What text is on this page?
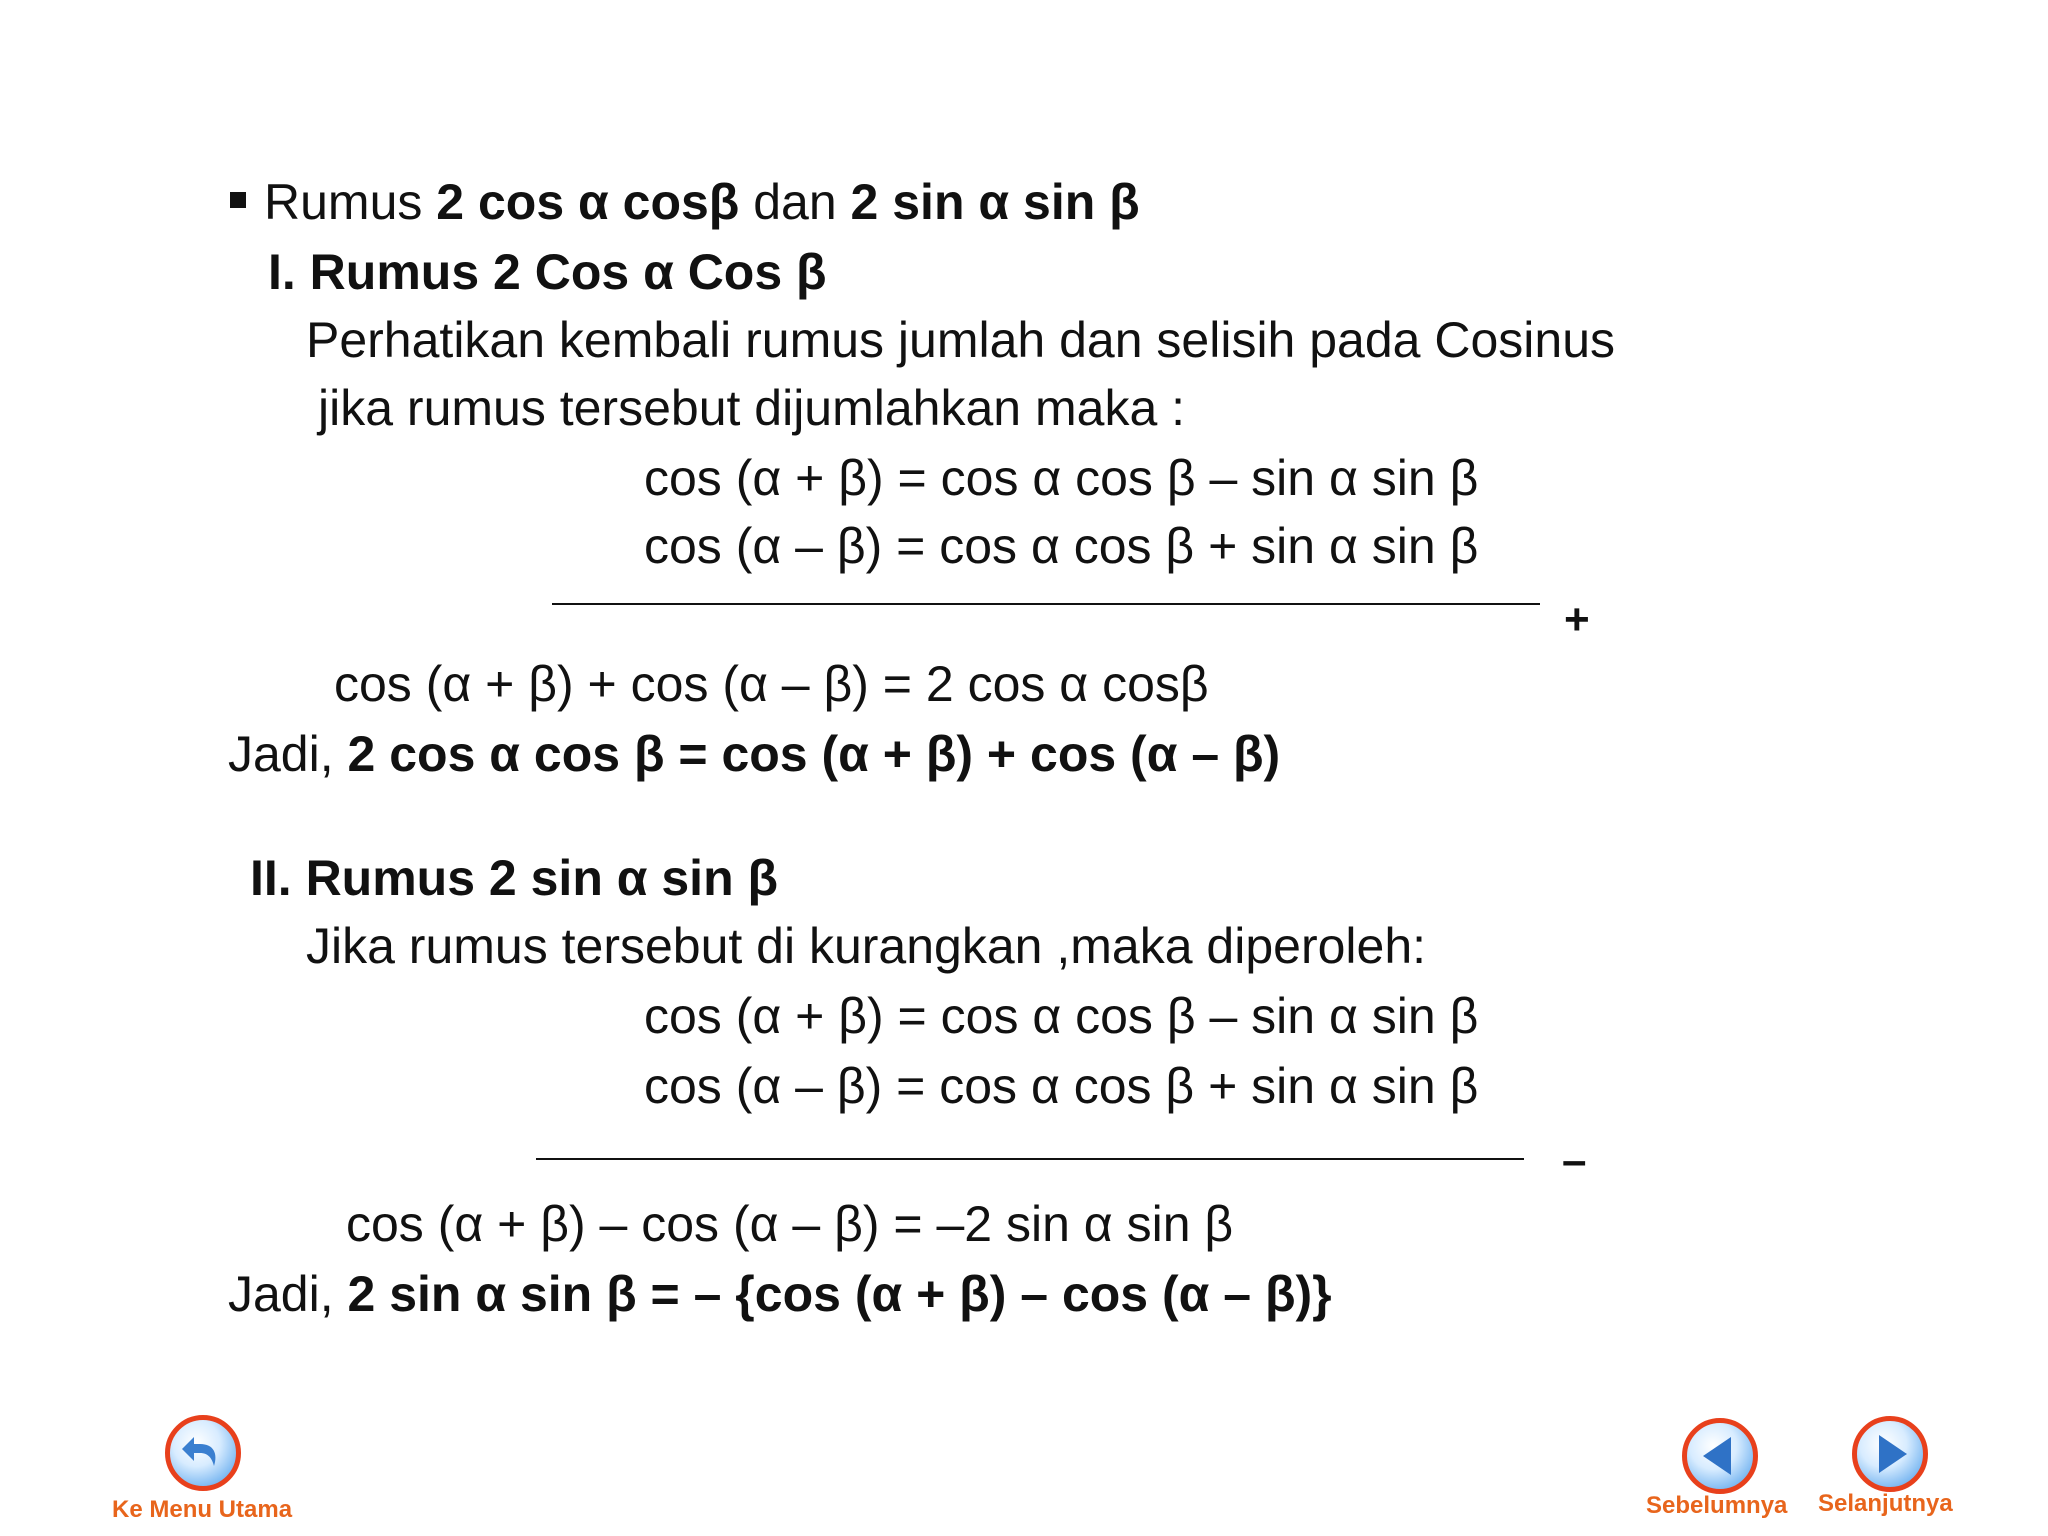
Rumus 2 cos α cosβ dan 2 sin α sin β
I. Rumus 2 Cos α Cos β
Perhatikan kembali rumus jumlah dan selisih pada Cosinus
jika rumus tersebut dijumlahkan maka :
cos (α + β) = cos α cos β – sin α sin β
cos (α – β) = cos α cos β + sin α sin β
+
cos (α + β) + cos (α – β) = 2 cos α cosβ
Jadi, 2 cos α cos β = cos (α + β) + cos (α – β)
II. Rumus 2 sin α sin β
Jika rumus tersebut di kurangkan ,maka diperoleh:
cos (α + β) = cos α cos β – sin α sin β
cos (α – β) = cos α cos β + sin α sin β
–
cos (α + β) – cos (α – β) = –2 sin α sin β
Jadi, 2 sin α sin β = – {cos (α + β) – cos (α – β)}
Ke Menu Utama	Sebelumnya Selanjutnya
